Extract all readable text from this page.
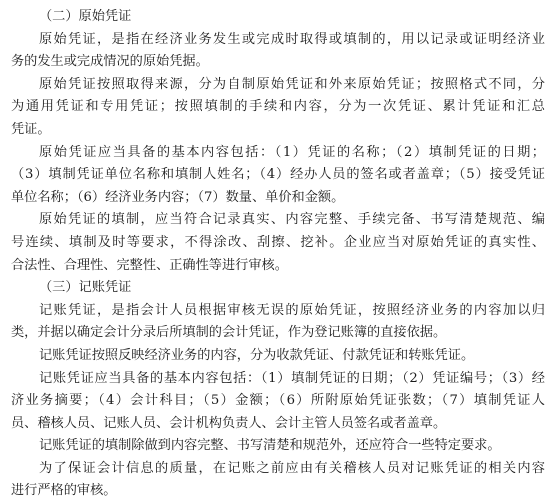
（二）原始凭证
原始凭证，是指在经济业务发生或完成时取得或填制的，用以记录或证明经济业
务的发生或完成情况的原始凭据。
原始凭证按照取得来源，分为自制原始凭证和外来原始凭证；按照格式不同，分
为通用凭证和专用凭证；按照填制的手续和内容，分为一次凭证、累计凭证和汇总
凭证。
原始凭证应当具备的基本内容包括：（1）凭证的名称；（2）填制凭证的日期；
（3）填制凭证单位名称和填制人姓名；（4）经办人员的签名或者盖章；（5）接受凭证
单位名称；（6）经济业务内容；（7）数量、单价和金额。
原始凭证的填制，应当符合记录真实、内容完整、手续完备、书写清楚规范、编
号连续、填制及时等要求，不得涂改、刮擦、挖补。企业应当对原始凭证的真实性、
合法性、合理性、完整性、正确性等进行审核。
（三）记账凭证
记账凭证，是指会计人员根据审核无误的原始凭证，按照经济业务的内容加以归
类，并据以确定会计分录后所填制的会计凭证，作为登记账簿的直接依据。
记账凭证按照反映经济业务的内容，分为收款凭证、付款凭证和转账凭证。
记账凭证应当具备的基本内容包括：（1）填制凭证的日期；（2）凭证编号；（3）经
济业务摘要；（4）会计科目；（5）金额；（6）所附原始凭证张数；（7）填制凭证人
员、稽核人员、记账人员、会计机构负责人、会计主管人员签名或者盖章。
记账凭证的填制除做到内容完整、书写清楚和规范外，还应符合一些特定要求。
为了保证会计信息的质量，在记账之前应由有关稽核人员对记账凭证的相关内容
进行严格的审核。
